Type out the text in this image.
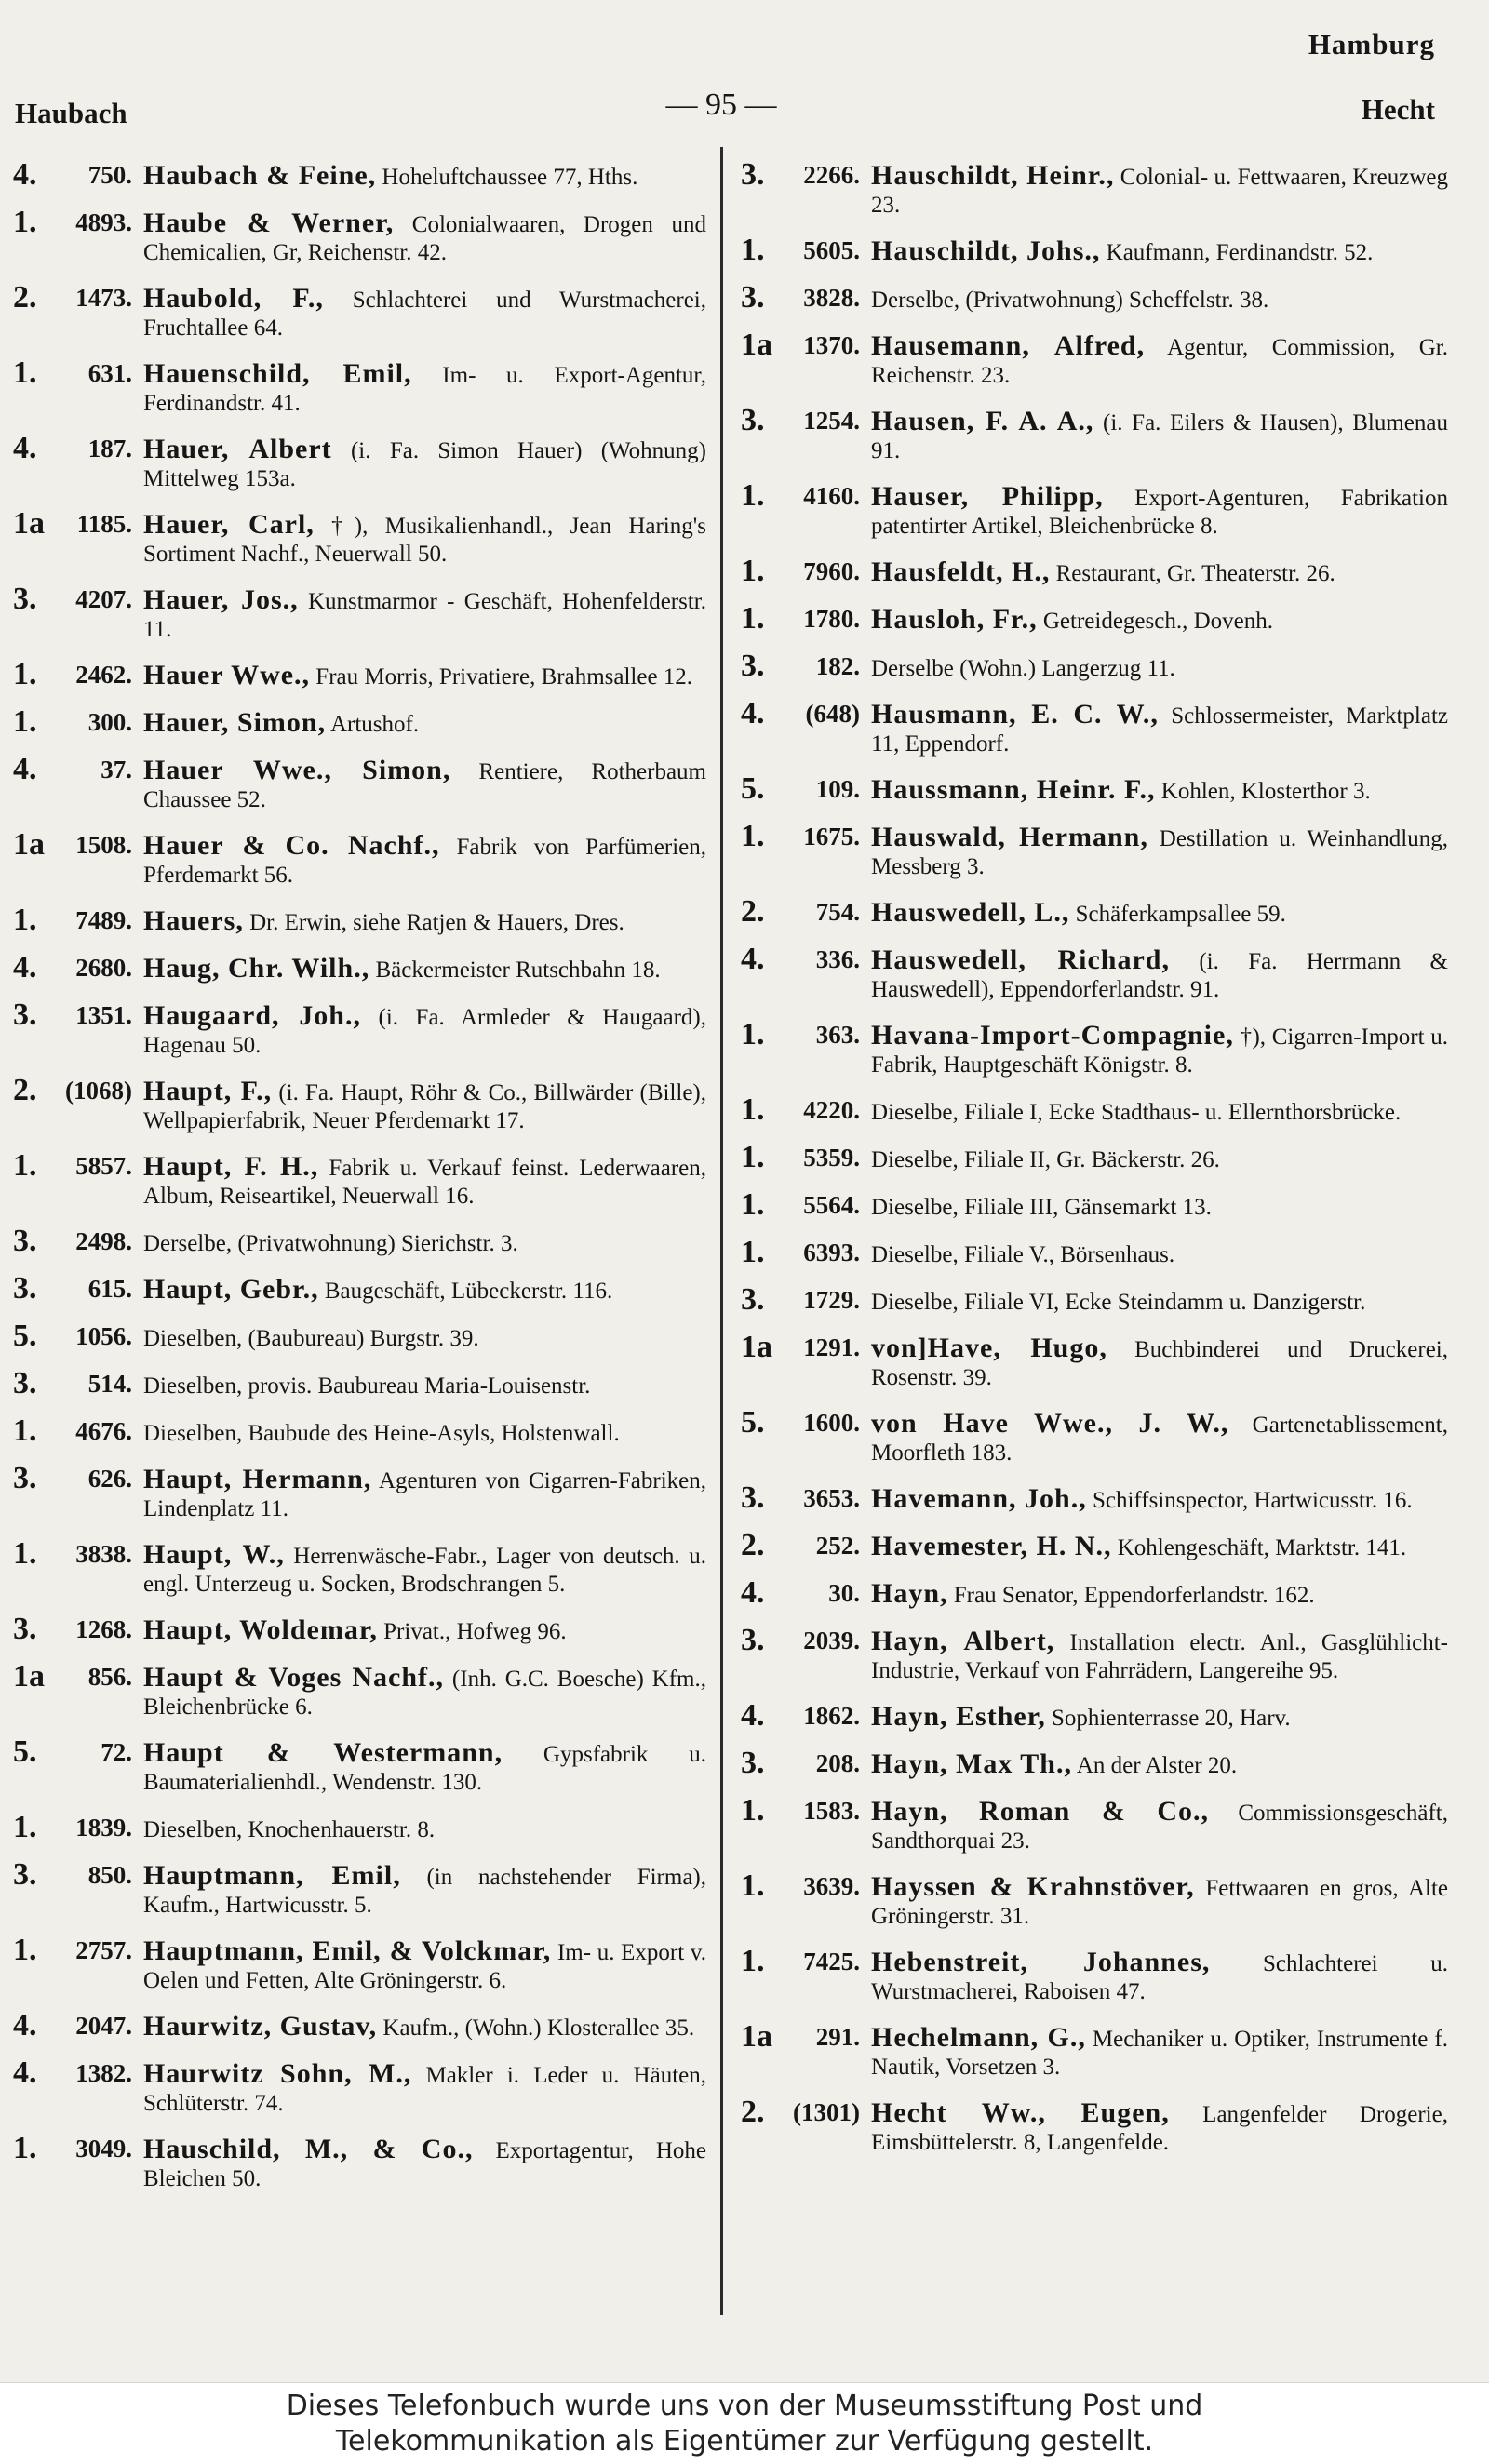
Hamburg
Haubach	— 95 —	Hecht
4.	750. Haubach & Feine, Hoheluftchaussee 77, Hths.
1.	4893. Haube & Werner, Colonialwaaren, Drogen und Chemicalien, Gr, Reichenstr. 42.
2.	1473. Haubold, F., Schlachterei und Wurstmacherei, Fruchtallee 64.
1.	631. Hauenschild, Emil, Im- u. Export-Agentur, Ferdinandstr. 41.
4.	187. Hauer, Albert (i. Fa. Simon Hauer) (Wohnung) Mittelweg 153a.
1a	1185. Hauer, Carl, †), Musikalienhandl., Jean Haring's Sortiment Nachf., Neuerwall 50.
3.	4207. Hauer, Jos., Kunstmarmor - Geschäft, Hohenfelderstr. 11.
1.	2462. Hauer Wwe., Frau Morris, Privatiere, Brahmsallee 12.
1.	300. Hauer, Simon, Artushof.
4.	37. Hauer Wwe., Simon, Rentiere, Rotherbaum Chaussee 52.
1a	1508. Hauer & Co. Nachf., Fabrik von Parfümerien, Pferdemarkt 56.
1.	7489. Hauers, Dr. Erwin, siehe Ratjen & Hauers, Dres.
4.	2680. Haug, Chr. Wilh., Bäckermeister Rutschbahn 18.
3.	1351. Haugaard, Joh., (i. Fa. Armleder & Haugaard), Hagenau 50.
2.	(1068) Haupt, F., (i. Fa. Haupt, Röhr & Co., Billwärder (Bille), Wellpapierfabrik, Neuer Pferdemarkt 17.
1.	5857. Haupt, F. H., Fabrik u. Verkauf feinst. Lederwaaren, Album, Reiseartikel, Neuerwall 16.
3.	2498. Derselbe, (Privatwohnung) Sierichstr. 3.
3.	615. Haupt, Gebr., Baugeschäft, Lübeckerstr. 116.
5.	1056. Dieselben, (Baubureau) Burgstr. 39.
3.	514. Dieselben, provis. Baubureau Maria-Louisenstr.
1.	4676. Dieselben, Baubude des Heine-Asyls, Holstenwall.
3.	626. Haupt, Hermann, Agenturen von Cigarren-Fabriken, Lindenplatz 11.
1.	3838. Haupt, W., Herrenwäsche-Fabr., Lager von deutsch. u. engl. Unterzeug u. Socken, Brodschrangen 5.
3.	1268. Haupt, Woldemar, Privat., Hofweg 96.
1a	856. Haupt & Voges Nachf., (Inh. G.C. Boesche) Kfm., Bleichenbrücke 6.
5.	72. Haupt & Westermann, Gypsfabrik u. Baumaterialienhdl., Wendenstr. 130.
1.	1839. Dieselben, Knochenhauerstr. 8.
3.	850. Hauptmann, Emil, (in nachstehender Firma), Kaufm., Hartwicusstr. 5.
1.	2757. Hauptmann, Emil, & Volckmar, Im- u. Export v. Oelen und Fetten, Alte Gröningerstr. 6.
4.	2047. Haurwitz, Gustav, Kaufm., (Wohn.) Klosterallee 35.
4.	1382. Haurwitz Sohn, M., Makler i. Leder u. Häuten, Schlüterstr. 74.
1.	3049. Hauschild, M., & Co., Exportagentur, Hohe Bleichen 50.
3.	2266. Hauschildt, Heinr., Colonial- u. Fettwaaren, Kreuzweg 23.
1.	5605. Hauschildt, Johs., Kaufmann, Ferdinandstr. 52.
3.	3828. Derselbe, (Privatwohnung) Scheffelstr. 38.
1a	1370. Hausemann, Alfred, Agentur, Commission, Gr. Reichenstr. 23.
3.	1254. Hausen, F. A. A., (i. Fa. Eilers & Hausen), Blumenau 91.
1.	4160. Hauser, Philipp, Export-Agenturen, Fabrikation patentirter Artikel, Bleichenbrücke 8.
1.	7960. Hausfeldt, H., Restaurant, Gr. Theaterstr. 26.
1.	1780. Hausloh, Fr., Getreidegesch., Dovenh.
3.	182. Derselbe (Wohn.) Langerzug 11.
4.	(648) Hausmann, E. C. W., Schlossermeister, Marktplatz 11, Eppendorf.
5.	109. Haussmann, Heinr. F., Kohlen, Klosterthor 3.
1.	1675. Hauswald, Hermann, Destillation u. Weinhandlung, Messberg 3.
2.	754. Hauswedell, L., Schäferkampsallee 59.
4.	336. Hauswedell, Richard, (i. Fa. Herrmann & Hauswedell), Eppendorferlandstr. 91.
1.	363. Havana-Import-Compagnie, †), Cigarren-Import u. Fabrik, Hauptgeschäft Königstr. 8.
1.	4220. Dieselbe, Filiale I, Ecke Stadthaus- u. Ellernthorsbrücke.
1.	5359. Dieselbe, Filiale II, Gr. Bäckerstr. 26.
1.	5564. Dieselbe, Filiale III, Gänsemarkt 13.
1.	6393. Dieselbe, Filiale V., Börsenhaus.
3.	1729. Dieselbe, Filiale VI, Ecke Steindamm u. Danzigerstr.
1a	1291. von]Have, Hugo, Buchbinderei und Druckerei, Rosenstr. 39.
5.	1600. von Have Wwe., J. W., Gartenetablissement, Moorfleth 183.
3.	3653. Havemann, Joh., Schiffsinspector, Hartwicusstr. 16.
2.	252. Havemester, H. N., Kohlengeschäft, Marktstr. 141.
4.	30. Hayn, Frau Senator, Eppendorferlandstr. 162.
3.	2039. Hayn, Albert, Installation electr. Anl., Gasglühlicht-Industrie, Verkauf von Fahrrädern, Langereihe 95.
4.	1862. Hayn, Esther, Sophienterrasse 20, Harv.
3.	208. Hayn, Max Th., An der Alster 20.
1.	1583. Hayn, Roman & Co., Commissionsgeschäft, Sandthorquai 23.
1.	3639. Hayssen & Krahnstöver, Fettwaaren en gros, Alte Gröningerstr. 31.
1.	7425. Hebenstreit, Johannes, Schlachterei u. Wurstmacherei, Raboisen 47.
1a	291. Hechelmann, G., Mechaniker u. Optiker, Instrumente f. Nautik, Vorsetzen 3.
2.	(1301) Hecht Ww., Eugen, Langenfelder Drogerie, Eimsbüttelerstr. 8, Langenfelde.
Dieses Telefonbuch wurde uns von der Museumsstiftung Post und
Telekommunikation als Eigentümer zur Verfügung gestellt.
